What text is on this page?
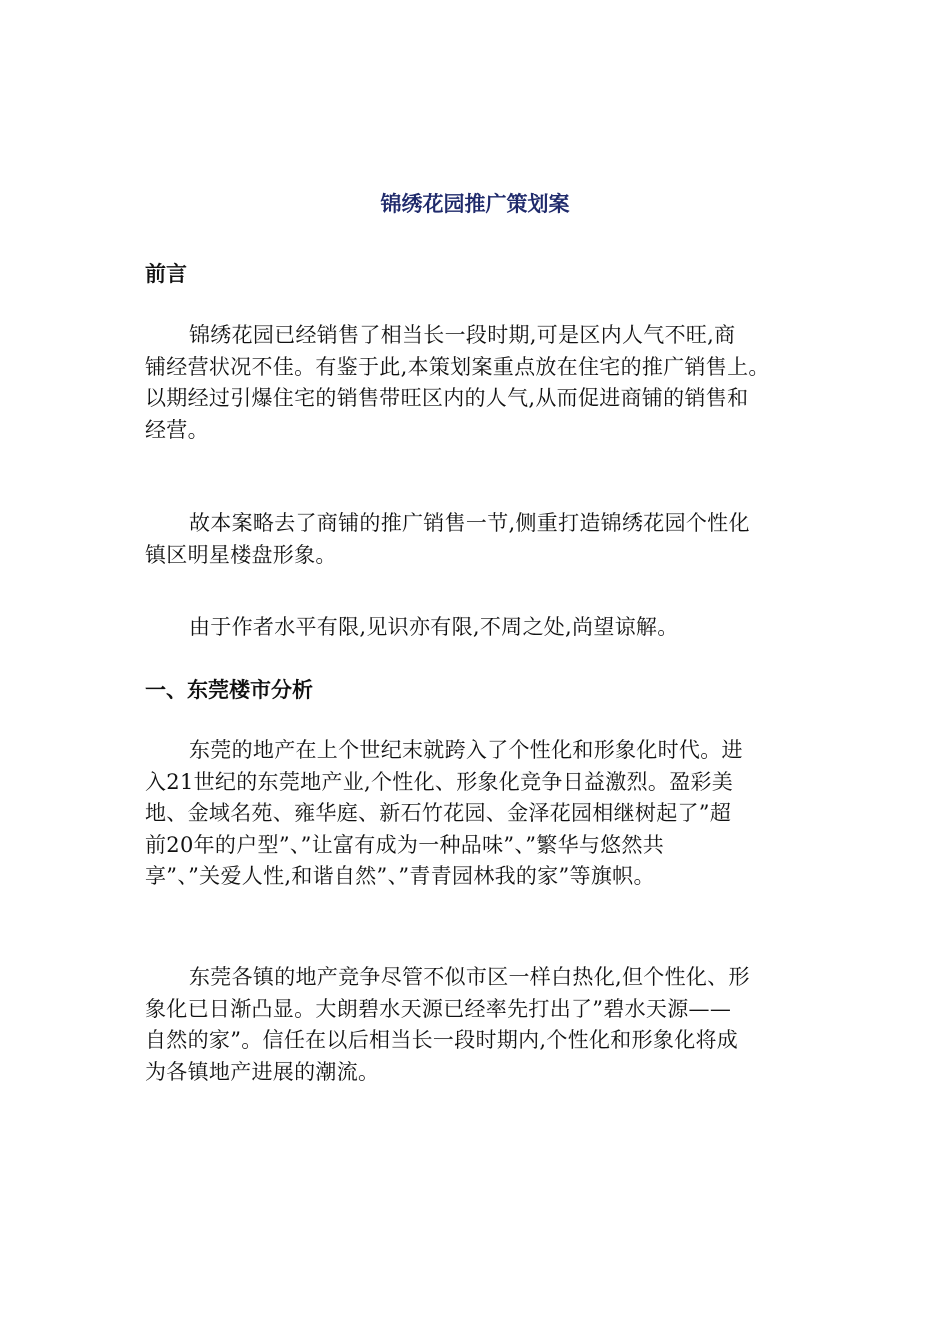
锦绣花园推广策划案
前言

锦绣花园已经销售了相当长一段时期,可是区内人气不旺,商
铺经营状况不佳。有鉴于此,本策划案重点放在住宅的推广销售上。
以期经过引爆住宅的销售带旺区内的人气,从而促进商铺的销售和
经营。

故本案略去了商铺的推广销售一节,侧重打造锦绣花园个性化
镇区明星楼盘形象。

由于作者水平有限,见识亦有限,不周之处,尚望谅解。

一、东莞楼市分析

东莞的地产在上个世纪末就跨入了个性化和形象化时代。进
入21世纪的东莞地产业,个性化、形象化竞争日益激烈。盈彩美
地、金域名苑、雍华庭、新石竹花园、金泽花园相继树起了”超
前20年的户型”、”让富有成为一种品味”、”繁华与悠然共
享”、”关爱人性,和谐自然”、”青青园林我的家”等旗帜。

东莞各镇的地产竞争尽管不似市区一样白热化,但个性化、形
象化已日渐凸显。大朗碧水天源已经率先打出了”碧水天源——
自然的家”。信任在以后相当长一段时期内,个性化和形象化将成
为各镇地产进展的潮流。
